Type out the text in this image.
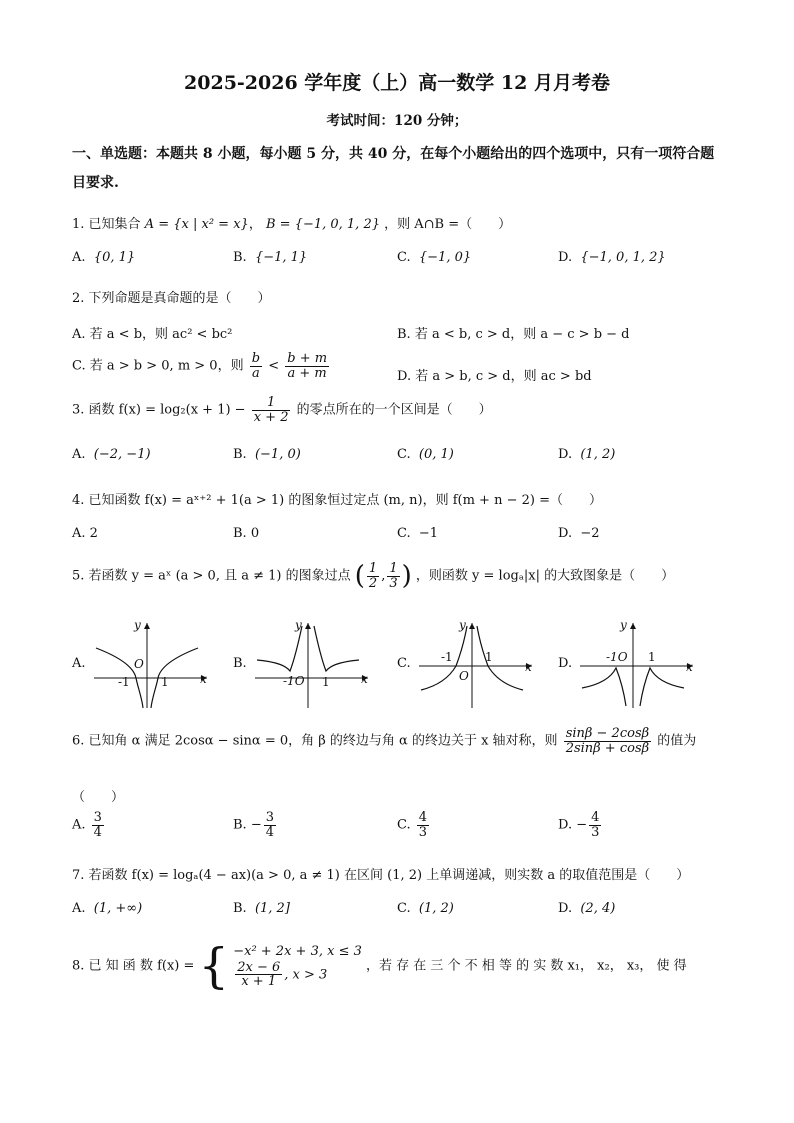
2025-2026 学年度（上）高一数学 12 月月考卷
考试时间：120 分钟；
一、单选题：本题共 8 小题，每小题 5 分，共 40 分，在每个小题给出的四个选项中，只有一项符合题目要求.
1. 已知集合 A = {x | x² = x}， B = {−1, 0, 1, 2} ，则 A∩B =（　　）
A. {0, 1}	B. {−1, 1}	C. {−1, 0}	D. {−1, 0, 1, 2}
2. 下列命题是真命题的是（　　）
A. 若 a < b，则 ac² < bc²	B. 若 a < b, c > d，则 a − c > b − d
C. 若 a > b > 0, m > 0，则 $\frac{b}{a} < \frac{b + m}{a + m}$	D. 若 a > b, c > d，则 ac > bd
3. 函数 $f(x) = \log_2(x + 1) - \frac{1}{x + 2}$ 的零点所在的一个区间是（　　）
A. (−2, −1)	B. (−1, 0)	C. (0, 1)	D. (1, 2)
4. 已知函数 f(x) = aˣ⁺² + 1(a > 1) 的图象恒过定点 (m, n)，则 f(m + n − 2) =（　　）
A. 2	B. 0	C. −1	D. −2
5. 若函数 y = aˣ (a > 0, 且 a ≠ 1) 的图象过点 ( $\frac{1}{2}$ , $\frac{1}{3}$ ) ，则函数 y = logₐ|x| 的大致图象是（　　）
A.
y
x
O
-1	1
B.
y
x
-1O 1
C.
y
x
O
-1	1	D.
y
x
-1O 1
6. 已知角 α 满足 2cosα − sinα = 0，角 β 的终边与角 α 的终边关于 x 轴对称，则 $\frac{\sin\beta - 2\cos\beta}{2\sin\beta + \cos\beta}$ 的值为
（　　）
A. $\frac{3}{4}$	B. − $\frac{3}{4}$	C. $\frac{4}{3}$	D. − $\frac{4}{3}$
7. 若函数 f(x) = logₐ(4 − ax)(a > 0, a ≠ 1) 在区间 (1, 2) 上单调递减，则实数 a 的取值范围是（　　）
A. (1, +∞)	B. (1, 2]	C. (1, 2)	D. (2, 4)
8. 已 知 函 数 f(x) = { −x² + 2x + 3, x ≤ 3
$\frac{2x - 6}{x + 1}$ , x > 3
，若 存 在 三 个 不 相 等 的 实 数 x₁， x₂， x₃， 使 得
